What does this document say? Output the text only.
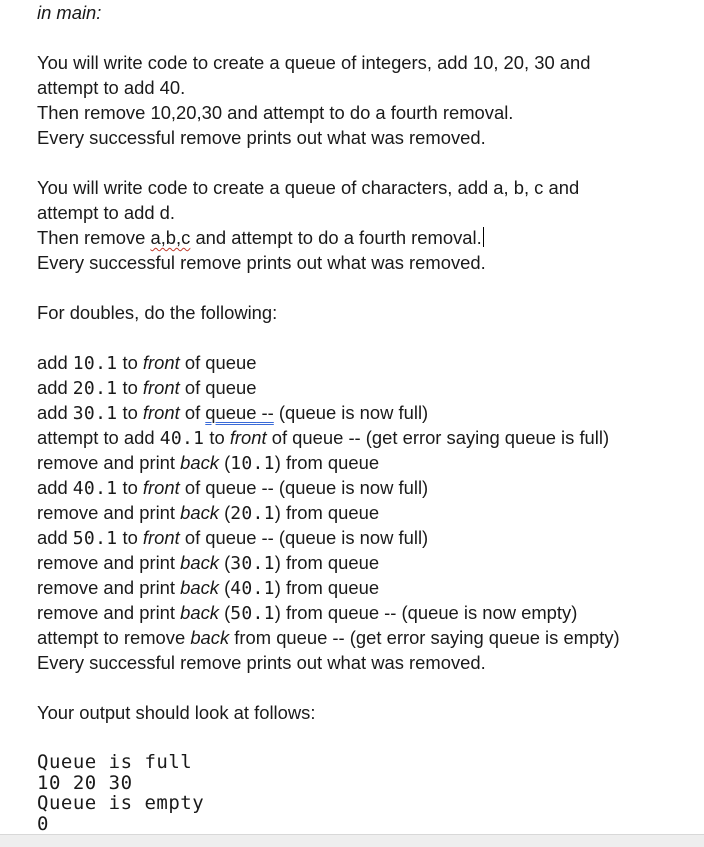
in main:
You will write code to create a queue of integers, add 10, 20, 30 and
attempt to add 40.
Then remove 10,20,30 and attempt to do a fourth removal.
Every successful remove prints out what was removed.
You will write code to create a queue of characters, add a, b, c and
attempt to add d.
Then remove a,b,c and attempt to do a fourth removal.
Every successful remove prints out what was removed.
For doubles, do the following:
add 10.1 to front of queue
add 20.1 to front of queue
add 30.1 to front of queue -- (queue is now full)
attempt to add 40.1 to front of queue -- (get error saying queue is full)
remove and print back (10.1) from queue
add 40.1 to front of queue -- (queue is now full)
remove and print back (20.1) from queue
add 50.1 to front of queue -- (queue is now full)
remove and print back (30.1) from queue
remove and print back (40.1) from queue
remove and print back (50.1) from queue -- (queue is now empty)
attempt to remove back from queue -- (get error saying queue is empty)
Every successful remove prints out what was removed.
Your output should look at follows:
Queue is full
10 20 30
Queue is empty
0
